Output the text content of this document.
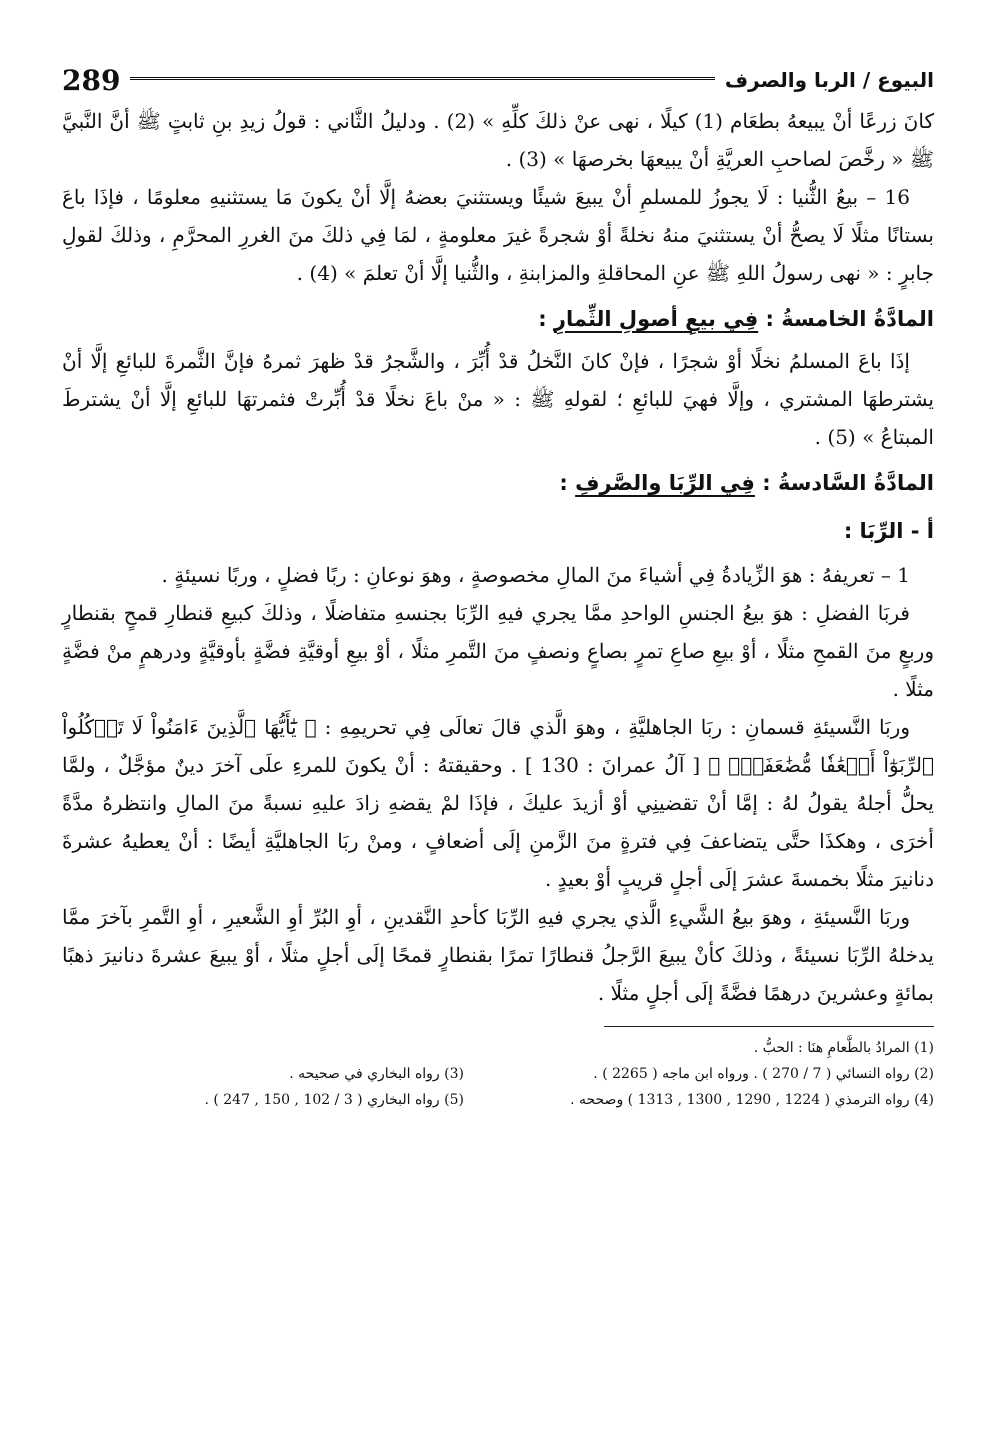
البيوع / الربا والصرف
289

كانَ زرعًا أنْ يبيعهُ بطعَام (1) كيلًا ، نهى عنْ ذلكَ كلِّهِ » (2) . ودليلُ الثَّاني : قولُ زيدِ بنِ ثابتٍ ﷺ أنَّ النَّبيَّ ﷺ « رخَّصَ لصاحبِ العريَّةِ أنْ يبيعهَا بخرصهَا » (3) .

16 – بيعُ الثُّنيا : لَا يجوزُ للمسلمِ أنْ يبيعَ شيئًا ويستثنيَ بعضهُ إلَّا أنْ يكونَ مَا يستثنيهِ معلومًا ، فإذَا باعَ بستانًا مثلًا لَا يصحُّ أنْ يستثنيَ منهُ نخلةً أوْ شجرةً غيرَ معلومةٍ ، لمَا فِي ذلكَ منَ الغررِ المحرَّمِ ، وذلكَ لقولِ جابرٍ : « نهى رسولُ اللهِ ﷺ عنِ المحاقلةِ والمزابنةِ ، والثُّنيا إلَّا أنْ تعلمَ » (4) .

المادَّةُ الخامسةُ : فِي بيعِ أصولِ الثِّمارِ :

إذَا باعَ المسلمُ نخلًا أوْ شجرًا ، فإنْ كانَ النَّخلُ قدْ أُبِّرَ ، والشَّجرُ قدْ ظهرَ ثمرهُ فإنَّ الثَّمرةَ للبائعِ إلَّا أنْ يشترطهَا المشتري ، وإلَّا فهيَ للبائعِ ؛ لقولهِ ﷺ : « منْ باعَ نخلًا قدْ أُبِّرتْ فثمرتهَا للبائعِ إلَّا أنْ يشترطَ المبتاعُ » (5) .

المادَّةُ السَّادسةُ : فِي الرِّبَا والصَّرفِ :
أ - الرِّبَا :

1 – تعريفهُ : هوَ الزِّيادةُ فِي أشياءَ منَ المالِ مخصوصةٍ ، وهوَ نوعانِ : ربًا فضلٍ ، وربًا نسيئةٍ .

فربَا الفضلِ : هوَ بيعُ الجنسِ الواحدِ ممَّا يجري فيهِ الرِّبَا بجنسهِ متفاضلًا ، وذلكَ كبيعِ قنطارِ قمحٍ بقنطارٍ وربعٍ منَ القمحِ مثلًا ، أوْ بيعِ صاعِ تمرٍ بصاعٍ ونصفٍ منَ التَّمرِ مثلًا ، أوْ بيعِ أوقيَّةِ فضَّةٍ بأوقيَّةٍ ودرهمٍ منْ فضَّةٍ مثلًا .

وربَا النَّسيئةِ قسمانِ : ربَا الجاهليَّةِ ، وهوَ الَّذي قالَ تعالَى فِي تحريمِهِ : ﴿ يَٰٓأَيُّهَا ٱلَّذِينَ ءَامَنُواْ لَا تَأۡكُلُواْ ٱلرِّبَوٰٓاْ أَضۡعَٰفٗا مُّضَٰعَفَةٗۖ ﴾ [ آلُ عمرانَ : 130 ] . وحقيقتهُ : أنْ يكونَ للمرءِ علَى آخرَ دينٌ مؤجَّلٌ ، ولمَّا يحلُّ أجلهُ يقولُ لهُ : إمَّا أنْ تقضينِي أوْ أزيدَ عليكَ ، فإذَا لمْ يقضهِ زادَ عليهِ نسبةً منَ المالِ وانتظرهُ مدَّةً أخرَى ، وهكذَا حتَّى يتضاعفَ فِي فترةٍ منَ الزَّمنِ إلَى أضعافٍ ، ومنْ ربَا الجاهليَّةِ أيضًا : أنْ يعطيهُ عشرةَ دنانيرَ مثلًا بخمسةَ عشرَ إلَى أجلٍ قريبٍ أوْ بعيدٍ .

وربَا النَّسيئةِ ، وهوَ بيعُ الشَّيءِ الَّذي يجري فيهِ الرِّبَا كأحدِ النَّقدينِ ، أوِ البُرِّ أوِ الشَّعيرِ ، أوِ التَّمرِ بآخرَ ممَّا يدخلهُ الرِّبَا نسيئةً ، وذلكَ كأنْ يبيعَ الرَّجلُ قنطارًا تمرًا بقنطارٍ قمحًا إلَى أجلٍ مثلًا ، أوْ يبيعَ عشرةَ دنانيرَ ذهبًا بمائةٍ وعشرينَ درهمًا فضَّةً إلَى أجلٍ مثلًا .

(1) المرادُ بالطَّعامِ هنَا : الحبُّ .
(2) رواه النسائي ( 7 / 270 ) . ورواه ابن ماجه ( 2265 ) .
(3) رواه البخاري في صحيحه .
(4) رواه الترمذي ( 1224 , 1290 , 1300 , 1313 ) وصححه .
(5) رواه البخاري ( 3 / 102 , 150 , 247 ) .
